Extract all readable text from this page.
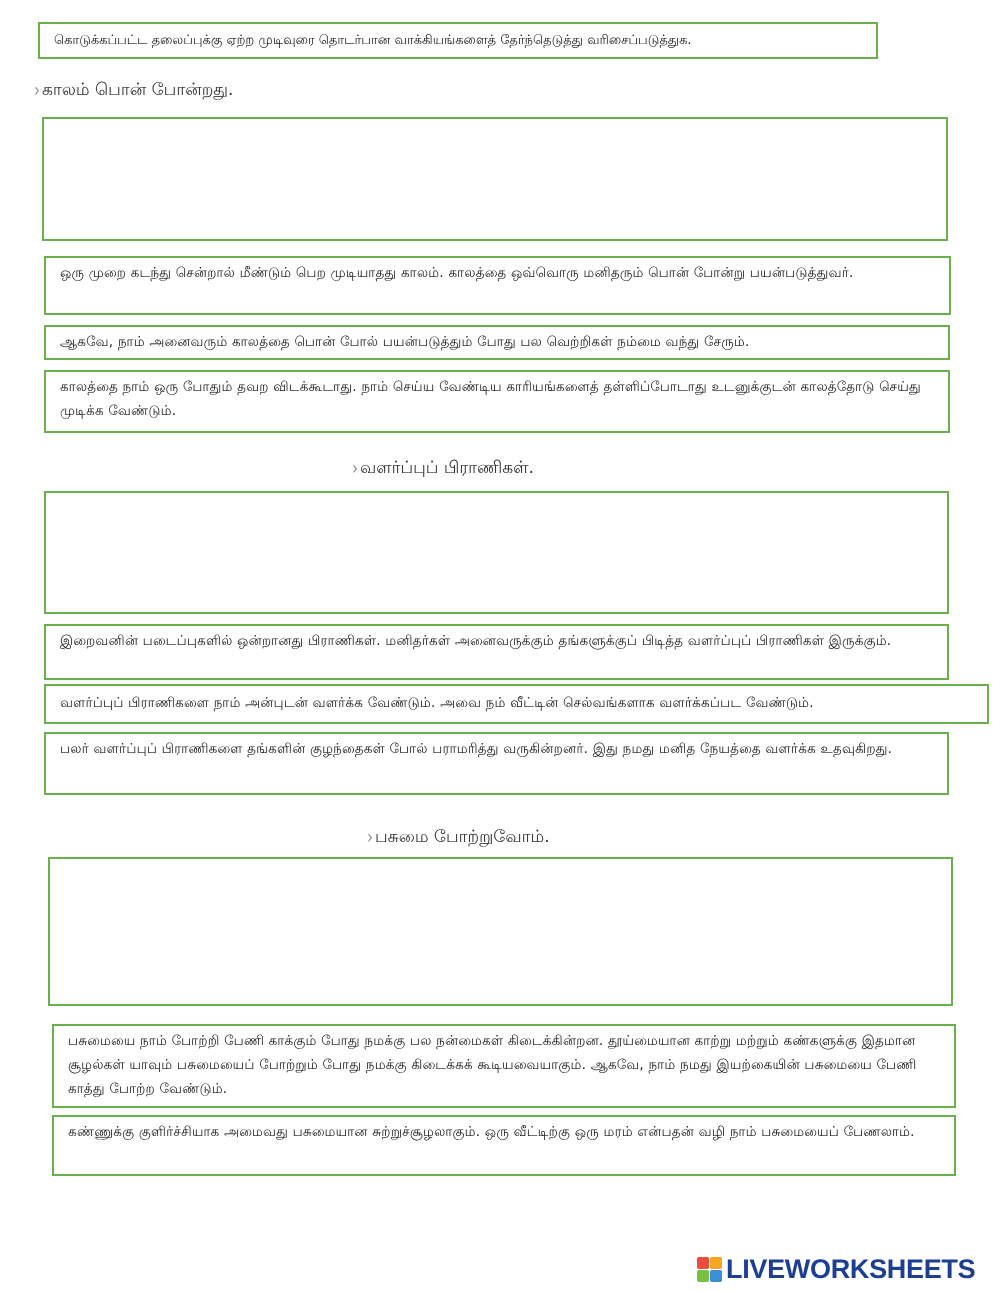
கொடுக்கப்பட்ட தலைப்புக்கு ஏற்ற முடிவுரை தொடர்பான வாக்கியங்களைத் தேர்ந்தெடுத்து வரிசைப்படுத்துக.
› காலம் பொன் போன்றது.
ஒரு முறை கடந்து சென்றால் மீண்டும் பெற முடியாதது காலம். காலத்தை ஒவ்வொரு மனிதரும் பொன் போன்று பயன்படுத்துவர்.
ஆகவே, நாம் அனைவரும் காலத்தை பொன் போல் பயன்படுத்தும் போது பல வெற்றிகள் நம்மை வந்து சேரும்.
காலத்தை நாம் ஒரு போதும் தவற விடக்கூடாது. நாம் செய்ய வேண்டிய காரியங்களைத் தள்ளிப்போடாது உடனுக்குடன் காலத்தோடு செய்து முடிக்க வேண்டும்.
› வளர்ப்புப் பிராணிகள்.
இறைவனின் படைப்புகளில் ஒன்றானது பிராணிகள். மனிதர்கள் அனைவருக்கும் தங்களுக்குப் பிடித்த வளர்ப்புப் பிராணிகள் இருக்கும்.
வளர்ப்புப் பிராணிகளை நாம் அன்புடன் வளர்க்க வேண்டும். அவை நம் வீட்டின் செல்வங்களாக வளர்க்கப்பட வேண்டும்.
பலர் வளர்ப்புப் பிராணிகளை தங்களின் குழந்தைகள் போல் பராமரித்து வருகின்றனர். இது நமது மனித நேயத்தை வளர்க்க உதவுகிறது.
› பசுமை போற்றுவோம்.
பசுமையை நாம் போற்றி பேணி காக்கும் போது நமக்கு பல நன்மைகள் கிடைக்கின்றன. தூய்மையான காற்று மற்றும் கண்களுக்கு இதமான சூழல்கள் யாவும் பசுமையைப் போற்றும் போது நமக்கு கிடைக்கக் கூடியவையாகும். ஆகவே, நாம் நமது இயற்கையின் பசுமையை பேணி காத்து போற்ற வேண்டும்.
கண்ணுக்கு குளிர்ச்சியாக அமைவது பசுமையான சுற்றுச்சூழலாகும். ஒரு வீட்டிற்கு ஒரு மரம் என்பதன் வழி நாம் பசுமையைப் பேணலாம்.
LIVEWORKSHEETS
